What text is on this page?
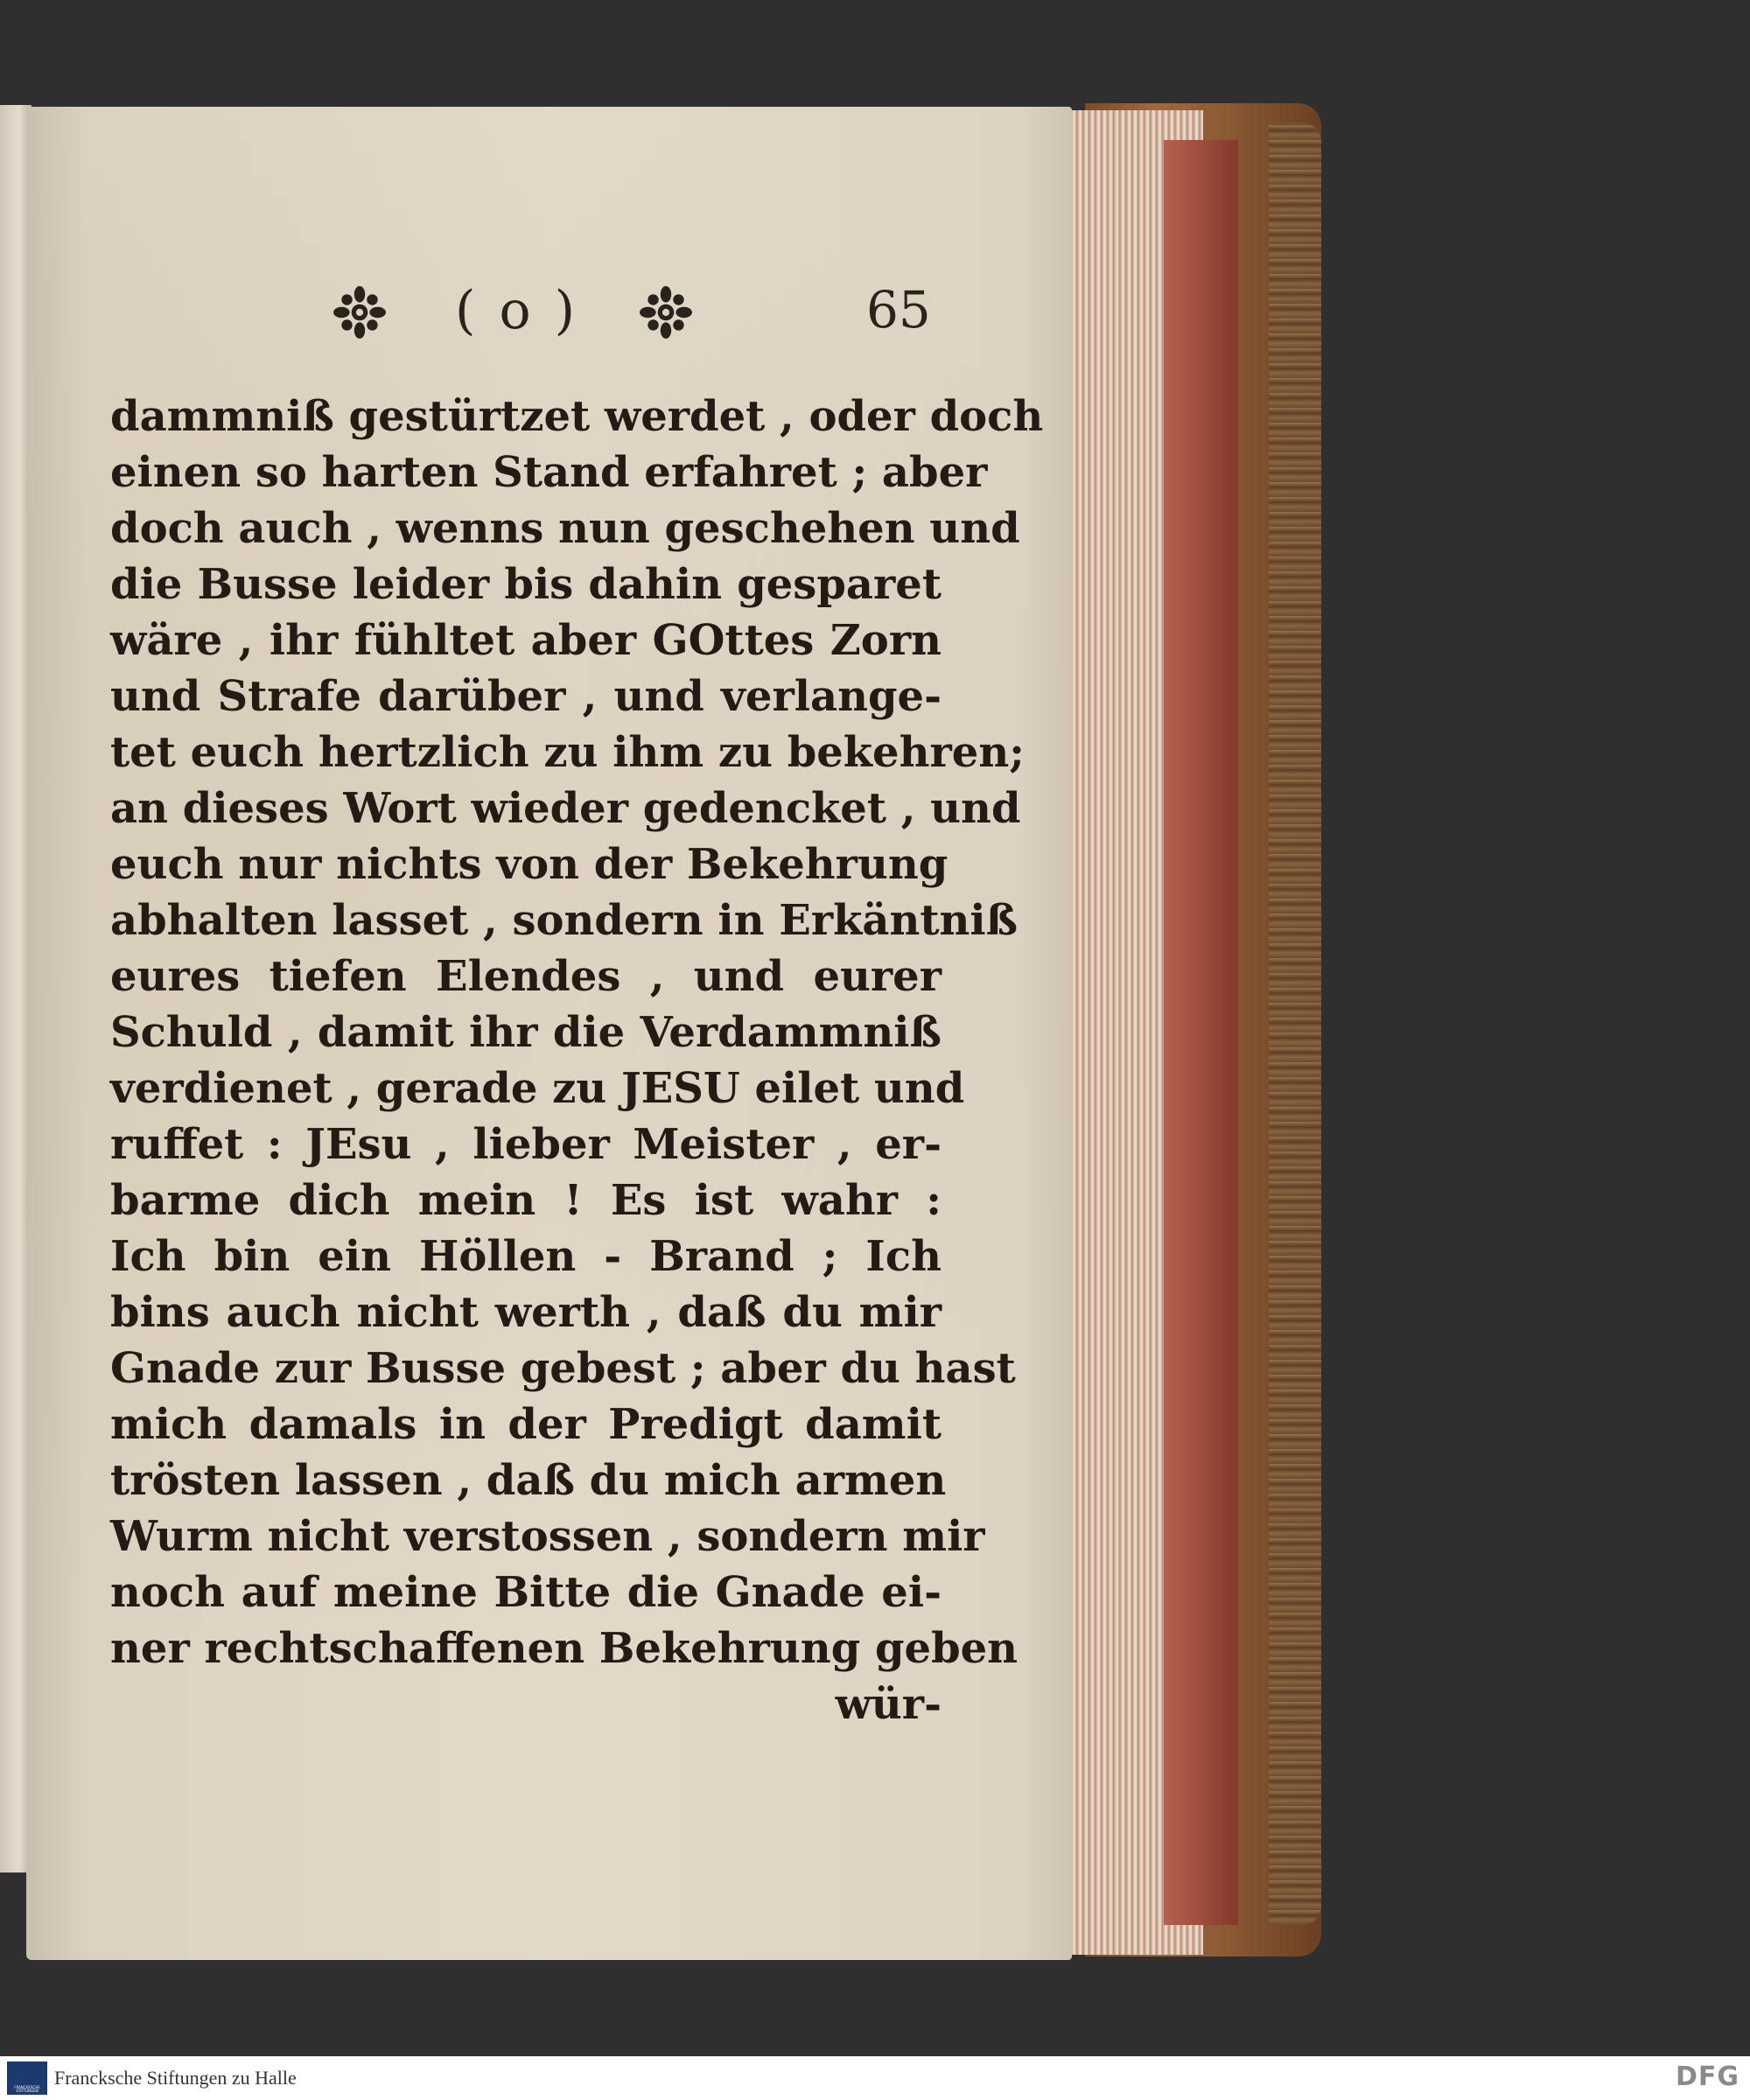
( o )	65
dammniß gestürtzet werdet , oder doch
einen so harten Stand erfahret ; aber
doch auch , wenns nun geschehen und
die Busse leider bis dahin gesparet
wäre , ihr fühltet aber GOttes Zorn
und Strafe darüber , und verlange-
tet euch hertzlich zu ihm zu bekehren;
an dieses Wort wieder gedencket , und
euch nur nichts von der Bekehrung
abhalten lasset , sondern in Erkäntniß
eures tiefen Elendes , und eurer
Schuld , damit ihr die Verdammniß
verdienet , gerade zu JESU eilet und
ruffet : JEsu , lieber Meister , er-
barme dich mein ! Es ist wahr :
Ich bin ein Höllen - Brand ; Ich
bins auch nicht werth , daß du mir
Gnade zur Busse gebest ; aber du hast
mich damals in der Predigt damit
trösten lassen , daß du mich armen
Wurm nicht verstossen , sondern mir
noch auf meine Bitte die Gnade ei-
ner rechtschaffenen Bekehrung geben
wür-
FRANCKESCHE STIFTUNGEN
Francksche Stiftungen zu Halle	DFG
